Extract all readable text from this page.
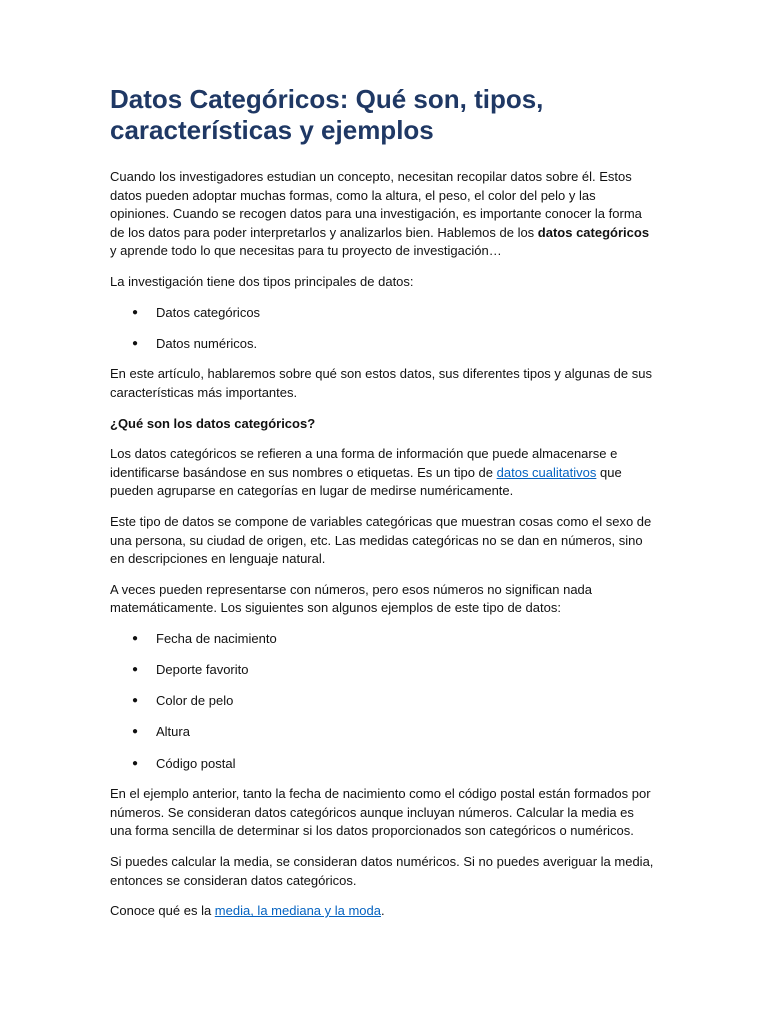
Datos Categóricos: Qué son, tipos, características y ejemplos

Cuando los investigadores estudian un concepto, necesitan recopilar datos sobre él. Estos datos pueden adoptar muchas formas, como la altura, el peso, el color del pelo y las opiniones. Cuando se recogen datos para una investigación, es importante conocer la forma de los datos para poder interpretarlos y analizarlos bien. Hablemos de los datos categóricos y aprende todo lo que necesitas para tu proyecto de investigación…

La investigación tiene dos tipos principales de datos:

● Datos categóricos
● Datos numéricos.

En este artículo, hablaremos sobre qué son estos datos, sus diferentes tipos y algunas de sus características más importantes.

¿Qué son los datos categóricos?

Los datos categóricos se refieren a una forma de información que puede almacenarse e identificarse basándose en sus nombres o etiquetas. Es un tipo de datos cualitativos que pueden agruparse en categorías en lugar de medirse numéricamente.

Este tipo de datos se compone de variables categóricas que muestran cosas como el sexo de una persona, su ciudad de origen, etc. Las medidas categóricas no se dan en números, sino en descripciones en lenguaje natural.

A veces pueden representarse con números, pero esos números no significan nada matemáticamente. Los siguientes son algunos ejemplos de este tipo de datos:

● Fecha de nacimiento
● Deporte favorito
● Color de pelo
● Altura
● Código postal

En el ejemplo anterior, tanto la fecha de nacimiento como el código postal están formados por números. Se consideran datos categóricos aunque incluyan números. Calcular la media es una forma sencilla de determinar si los datos proporcionados son categóricos o numéricos.

Si puedes calcular la media, se consideran datos numéricos. Si no puedes averiguar la media, entonces se consideran datos categóricos.

Conoce qué es la media, la mediana y la moda.
